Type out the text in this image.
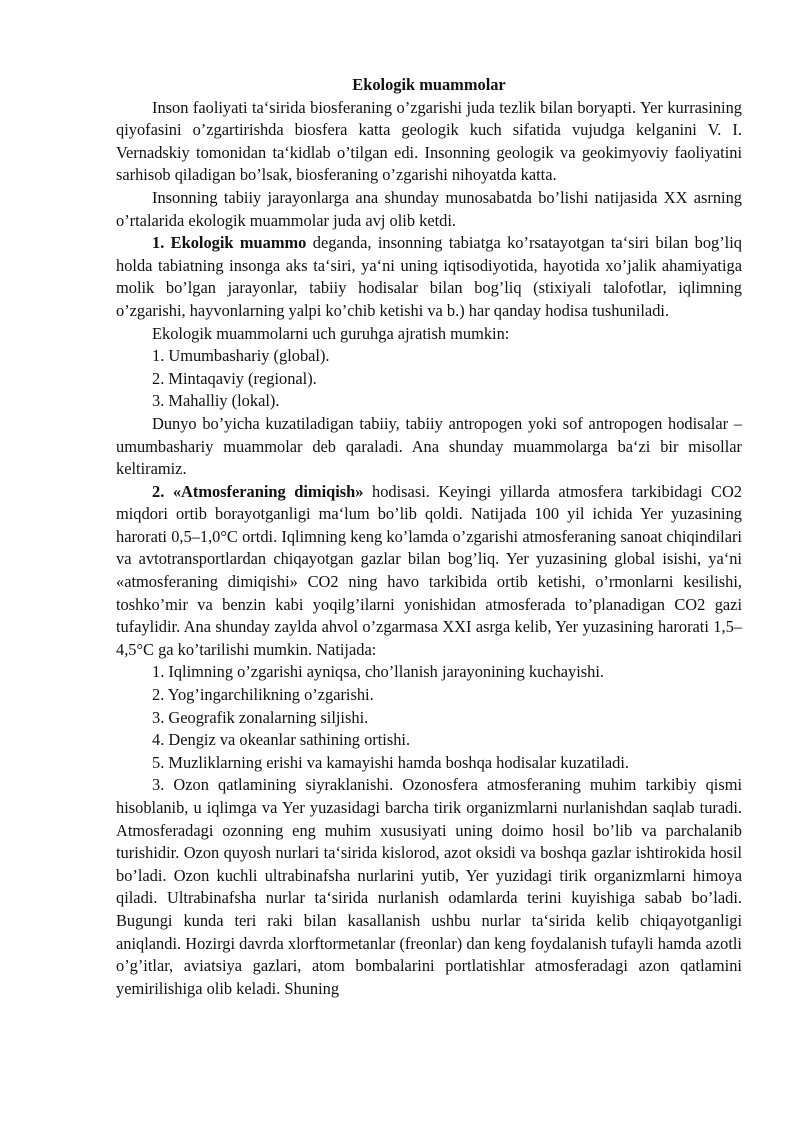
Ekologik muammolar

Inson faoliyati ta‘sirida biosferaning o’zgarishi juda tezlik bilan boryapti. Yer kurrasining qiyofasini o’zgartirishda biosfera katta geologik kuch sifatida vujudga kelganini V. I. Vernadskiy tomonidan ta‘kidlab o’tilgan edi. Insonning geologik va geokimyoviy faoliyatini sarhisob qiladigan bo’lsak, biosferaning o’zgarishi nihoyatda katta.

Insonning tabiiy jarayonlarga ana shunday munosabatda bo’lishi natijasida XX asrning o’rtalarida ekologik muammolar juda avj olib ketdi.

1. Ekologik muammo deganda, insonning tabiatga ko’rsatayotgan ta‘siri bilan bog’liq holda tabiatning insonga aks ta‘siri, ya‘ni uning iqtisodiyotida, hayotida xo’jalik ahamiyatiga molik bo’lgan jarayonlar, tabiiy hodisalar bilan bog’liq (stixiyali talofotlar, iqlimning o’zgarishi, hayvonlarning yalpi ko’chib ketishi va b.) har qanday hodisa tushuniladi.

Ekologik muammolarni uch guruhga ajratish mumkin:

1. Umumbashariy (global).

2. Mintaqaviy (regional).

3. Mahalliy (lokal).

Dunyo bo’yicha kuzatiladigan tabiiy, tabiiy antropogen yoki sof antropogen hodisalar – umumbashariy muammolar deb qaraladi. Ana shunday muammolarga ba‘zi bir misollar keltiramiz.

2. «Atmosferaning dimiqish» hodisasi. Keyingi yillarda atmosfera tarkibidagi CO2 miqdori ortib borayotganligi ma‘lum bo’lib qoldi. Natijada 100 yil ichida Yer yuzasining harorati 0,5–1,0°C ortdi. Iqlimning keng ko’lamda o’zgarishi atmosferaning sanoat chiqindilari va avtotransportlardan chiqayotgan gazlar bilan bog’liq. Yer yuzasining global isishi, ya‘ni «atmosferaning dimiqishi» CO2 ning havo tarkibida ortib ketishi, o’rmonlarni kesilishi, toshko’mir va benzin kabi yoqilg’ilarni yonishidan atmosferada to’planadigan CO2 gazi tufaylidir. Ana shunday zaylda ahvol o’zgarmasa XXI asrga kelib, Yer yuzasining harorati 1,5–4,5°C ga ko’tarilishi mumkin. Natijada:

1. Iqlimning o’zgarishi ayniqsa, cho’llanish jarayonining kuchayishi.

2. Yog’ingarchilikning o’zgarishi.

3. Geografik zonalarning siljishi.

4. Dengiz va okeanlar sathining ortishi.

5. Muzliklarning erishi va kamayishi hamda boshqa hodisalar kuzatiladi.

3. Ozon qatlamining siyraklanishi. Ozonosfera atmosferaning muhim tarkibiy qismi hisoblanib, u iqlimga va Yer yuzasidagi barcha tirik organizmlarni nurlanishdan saqlab turadi. Atmosferadagi ozonning eng muhim xususiyati uning doimo hosil bo’lib va parchalanib turishidir. Ozon quyosh nurlari ta‘sirida kislorod, azot oksidi va boshqa gazlar ishtirokida hosil bo’ladi. Ozon kuchli ultrabinafsha nurlarini yutib, Yer yuzidagi tirik organizmlarni himoya qiladi. Ultrabinafsha nurlar ta‘sirida nurlanish odamlarda terini kuyishiga sabab bo’ladi. Bugungi kunda teri raki bilan kasallanish ushbu nurlar ta‘sirida kelib chiqayotganligi aniqlandi. Hozirgi davrda xlorftormetanlar (freonlar) dan keng foydalanish tufayli hamda azotli o’g’itlar, aviatsiya gazlari, atom bombalarini portlatishlar atmosferadagi azon qatlamini yemirilishiga olib keladi. Shuning
